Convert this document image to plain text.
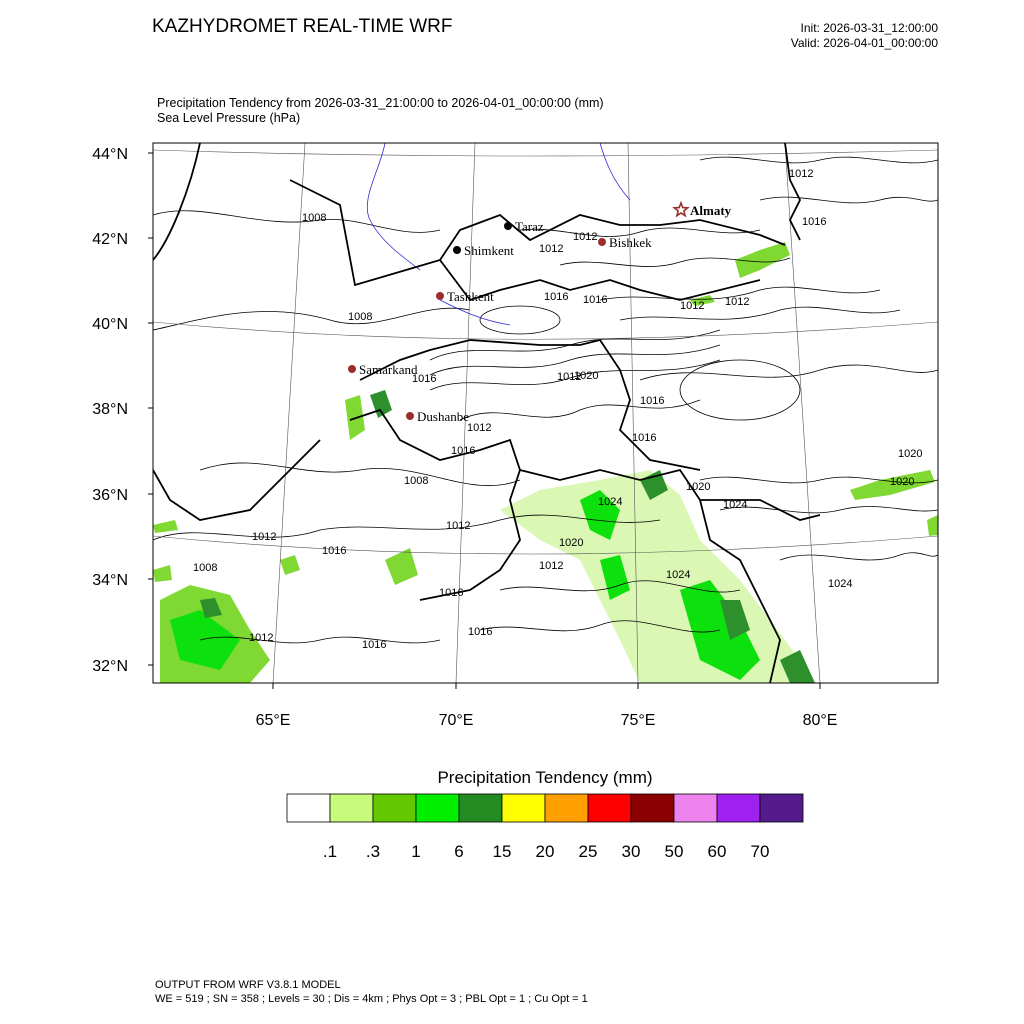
KAZHYDROMET REAL-TIME WRF	Init: 2026-03-31_12:00:00
Valid: 2026-04-01_00:00:00
Precipitation Tendency from 2026-03-31_21:00:00 to 2026-04-01_00:00:00 (mm)
Sea Level Pressure (hPa)
44°N
42°N
40°N
38°N
36°N
34°N
32°N
65°E	70°E	75°E	80°E
1008
1012
1016
1008
1012
1016 1016	1012 1012
1016	1012
1016
1016
1012
1016
1008
1020
1012
1012
1020
1024
1020
1024
1020
1012
1016
1008
1016
1012
1016
1024
1024
1016
1012
1020
Taraz
Shimkent
Bishkek
Almaty
Tashkent
Samarkand
Dushanbe
.1 .3 1 6 15 20 25 30 50 60 70
Precipitation Tendency (mm)
OUTPUT FROM WRF V3.8.1 MODEL
WE = 519 ; SN = 358 ; Levels = 30 ; Dis = 4km ; Phys Opt = 3 ; PBL Opt = 1 ; Cu Opt = 1
